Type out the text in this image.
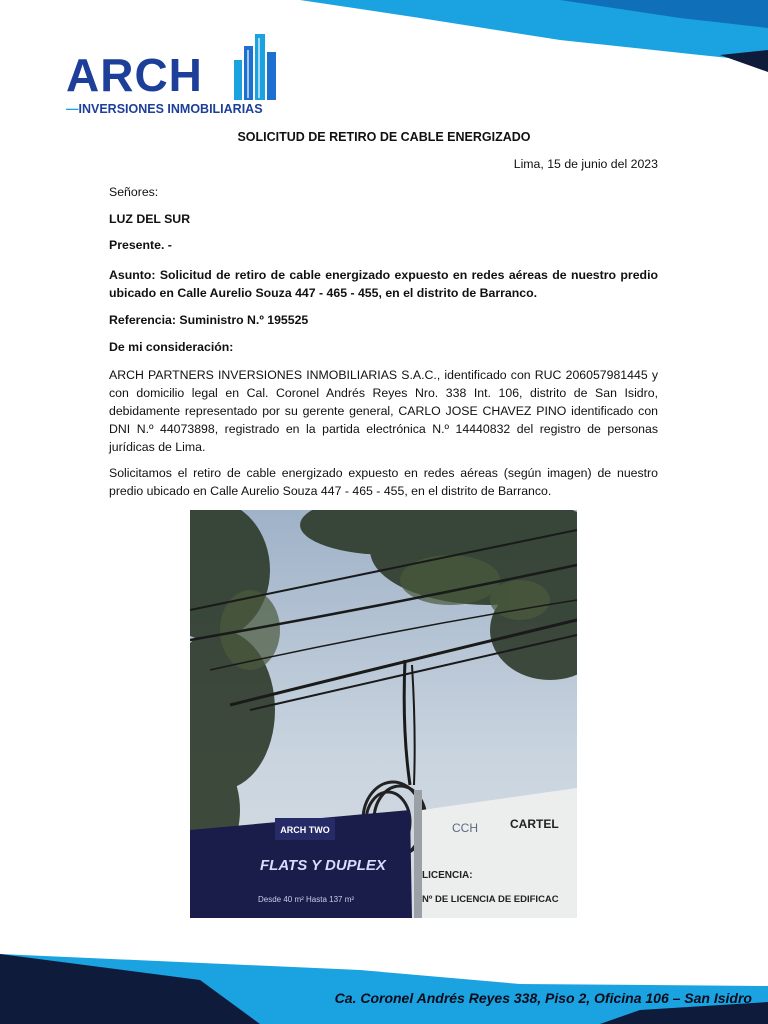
ARCH
—INVERSIONES INMOBILIARIAS
SOLICITUD DE RETIRO DE CABLE ENERGIZADO
Lima, 15 de junio del 2023
Señores:
LUZ DEL SUR
Presente. -
Asunto: Solicitud de retiro de cable energizado expuesto en redes aéreas de nuestro predio ubicado en Calle Aurelio Souza 447 - 465 - 455, en el distrito de Barranco.
Referencia: Suministro N.º 195525
De mi consideración:
ARCH PARTNERS INVERSIONES INMOBILIARIAS S.A.C., identificado con RUC 206057981445 y con domicilio legal en Cal. Coronel Andrés Reyes Nro. 338 Int. 106, distrito de San Isidro, debidamente representado por su gerente general, CARLO JOSE CHAVEZ PINO identificado con DNI N.º 44073898, registrado en la partida electrónica N.º 14440832 del registro de personas jurídicas de Lima.
Solicitamos el retiro de cable energizado expuesto en redes aéreas (según imagen) de nuestro predio ubicado en Calle Aurelio Souza 447 - 465 - 455, en el distrito de Barranco.
ARCH TWO
FLATS Y DUPLEX
Desde 40 m² Hasta 137 m²
CCH	CARTEL
LICENCIA:
Nº DE LICENCIA DE EDIFICAC
Ca. Coronel Andrés Reyes 338, Piso 2, Oficina 106 – San Isidro
